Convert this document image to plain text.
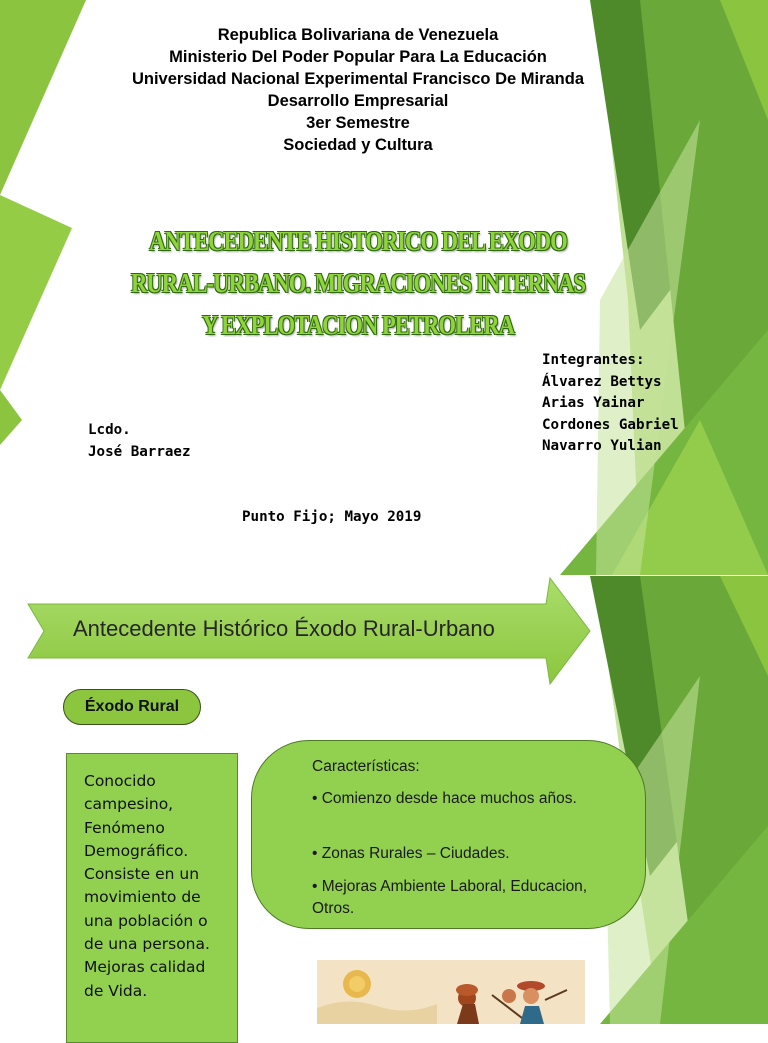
Republica Bolivariana de Venezuela
Ministerio Del Poder Popular Para La Educación
Universidad Nacional Experimental Francisco De Miranda
Desarrollo Empresarial
3er Semestre
Sociedad y Cultura
ANTECEDENTE HISTORICO DEL EXODO
RURAL-URBANO. MIGRACIONES INTERNAS
Y EXPLOTACION PETROLERA
Integrantes:
Álvarez Bettys
Arias Yainar
Cordones Gabriel
Navarro Yulian
Lcdo.
José Barraez
Punto Fijo; Mayo 2019
Antecedente Histórico Éxodo Rural-Urbano
Éxodo Rural
Conocido
campesino,
Fenómeno
Demográfico.
Consiste en un
movimiento de
una población o
de una persona.
Mejoras calidad
de Vida.
Características:
• Comienzo desde hace muchos años.
• Zonas Rurales – Ciudades.
• Mejoras Ambiente Laboral, Educacion, Otros.
